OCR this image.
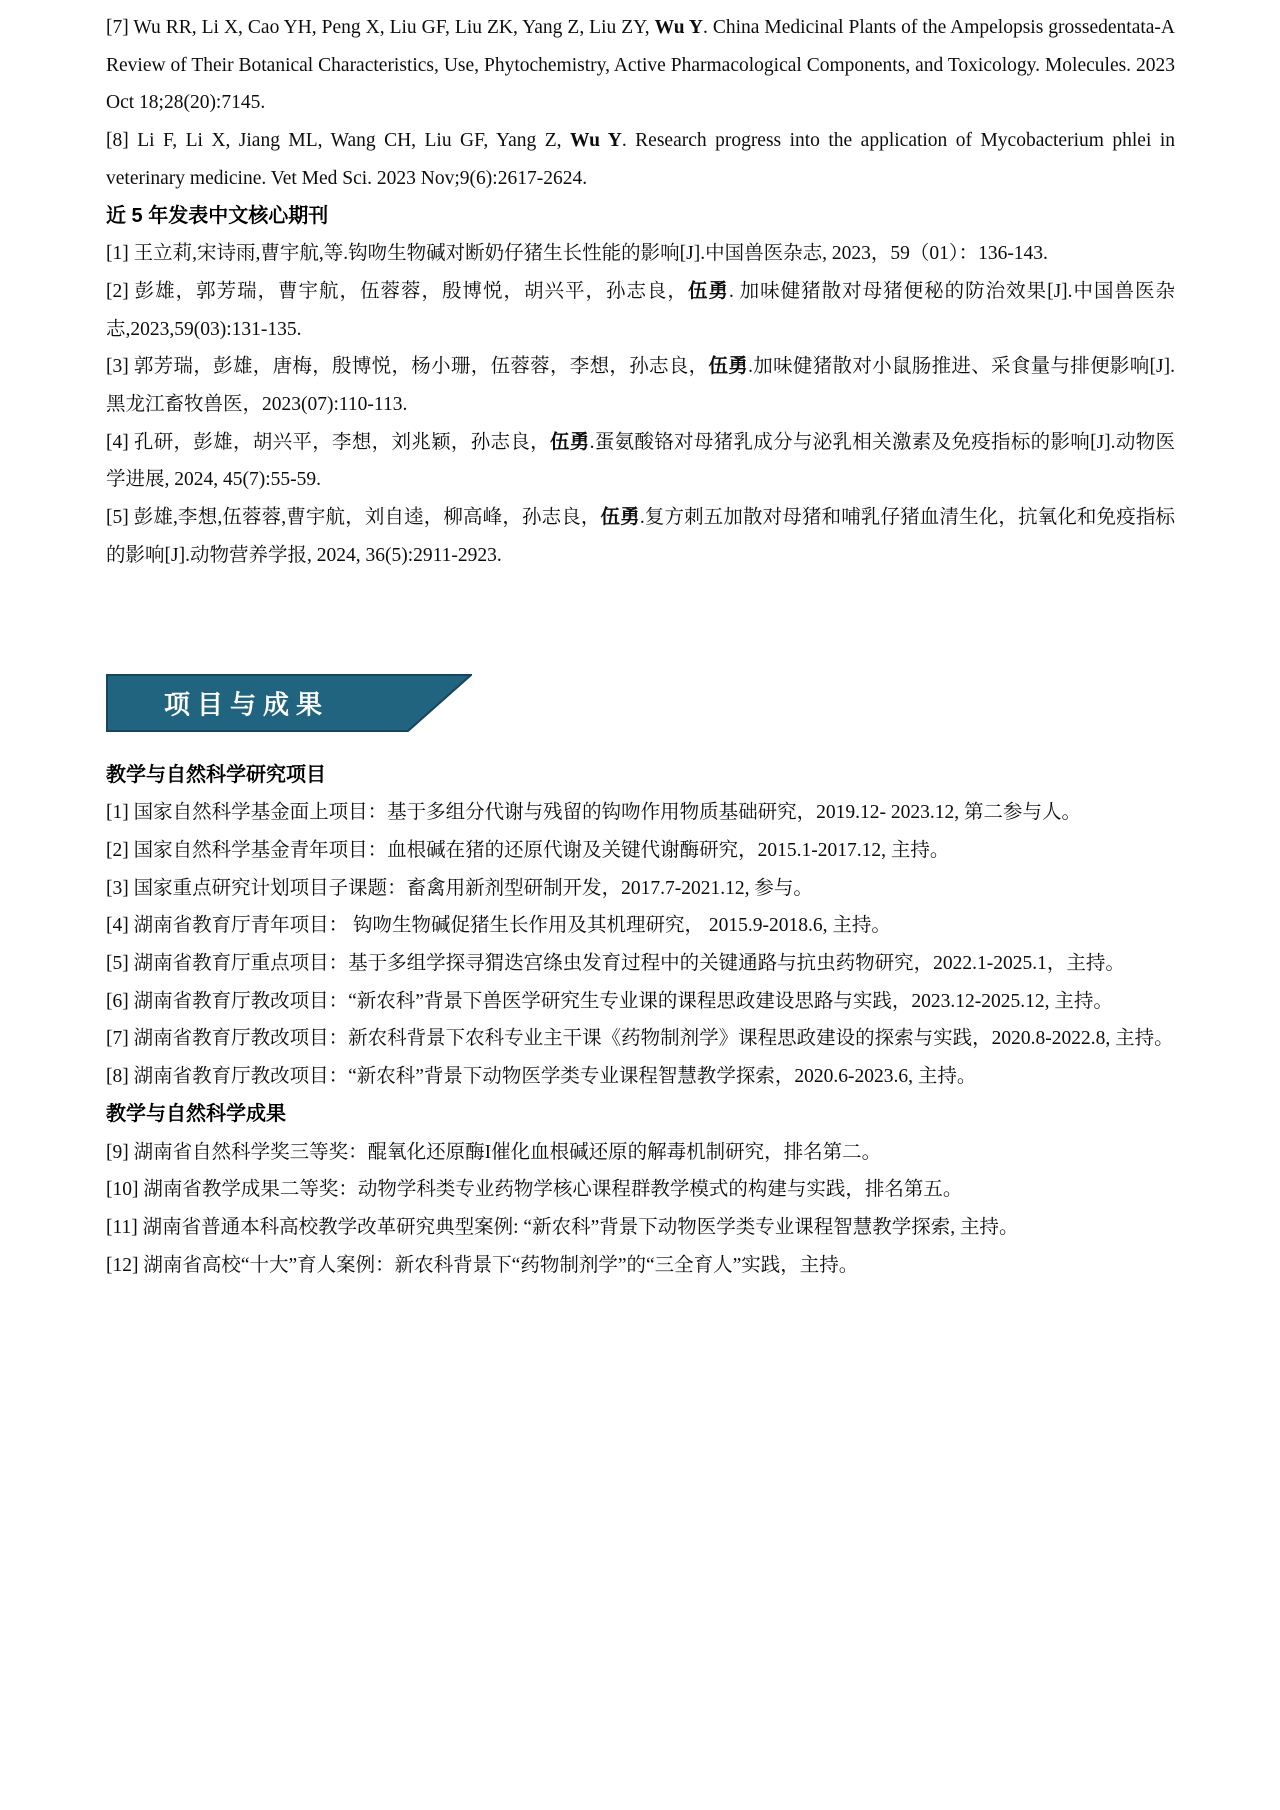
[7] Wu RR, Li X, Cao YH, Peng X, Liu GF, Liu ZK, Yang Z, Liu ZY, Wu Y. China Medicinal Plants of the Ampelopsis grossedentata-A Review of Their Botanical Characteristics, Use, Phytochemistry, Active Pharmacological Components, and Toxicology. Molecules. 2023 Oct 18;28(20):7145.

[8] Li F, Li X, Jiang ML, Wang CH, Liu GF, Yang Z, Wu Y. Research progress into the application of Mycobacterium phlei in veterinary medicine. Vet Med Sci. 2023 Nov;9(6):2617-2624.

近 5 年发表中文核心期刊

[1] 王立莉,宋诗雨,曹宇航,等.钩吻生物碱对断奶仔猪生长性能的影响[J].中国兽医杂志, 2023，59（01）：136-143.

[2] 彭雄，郭芳瑞，曹宇航，伍蓉蓉，殷博悦，胡兴平，孙志良，伍勇. 加味健猪散对母猪便秘的防治效果[J].中国兽医杂志,2023,59(03):131-135.

[3] 郭芳瑞，彭雄，唐梅，殷博悦，杨小珊，伍蓉蓉，李想，孙志良，伍勇.加味健猪散对小鼠肠推进、采食量与排便影响[J].黑龙江畜牧兽医，2023(07):110-113.

[4] 孔研，彭雄，胡兴平，李想，刘兆颖，孙志良，伍勇.蛋氨酸铬对母猪乳成分与泌乳相关激素及免疫指标的影响[J].动物医学进展, 2024, 45(7):55-59.

[5] 彭雄,李想,伍蓉蓉,曹宇航，刘自逵，柳高峰，孙志良，伍勇.复方刺五加散对母猪和哺乳仔猪血清生化，抗氧化和免疫指标的影响[J].动物营养学报, 2024, 36(5):2911-2923.

项目与成果
教学与自然科学研究项目

[1] 国家自然科学基金面上项目：基于多组分代谢与残留的钩吻作用物质基础研究，2019.12- 2023.12, 第二参与人。

[2] 国家自然科学基金青年项目：血根碱在猪的还原代谢及关键代谢酶研究，2015.1-2017.12, 主持。

[3] 国家重点研究计划项目子课题：畜禽用新剂型研制开发，2017.7-2021.12, 参与。

[4] 湖南省教育厅青年项目： 钩吻生物碱促猪生长作用及其机理研究， 2015.9-2018.6, 主持。

[5] 湖南省教育厅重点项目：基于多组学探寻猬迭宫绦虫发育过程中的关键通路与抗虫药物研究，2022.1-2025.1，主持。

[6] 湖南省教育厅教改项目：“新农科”背景下兽医学研究生专业课的课程思政建设思路与实践，2023.12-2025.12, 主持。

[7] 湖南省教育厅教改项目：新农科背景下农科专业主干课《药物制剂学》课程思政建设的探索与实践，2020.8-2022.8, 主持。

[8] 湖南省教育厅教改项目：“新农科”背景下动物医学类专业课程智慧教学探索，2020.6-2023.6, 主持。

教学与自然科学成果

[9] 湖南省自然科学奖三等奖：醌氧化还原酶I催化血根碱还原的解毒机制研究，排名第二。

[10] 湖南省教学成果二等奖：动物学科类专业药物学核心课程群教学模式的构建与实践，排名第五。

[11] 湖南省普通本科高校教学改革研究典型案例: “新农科”背景下动物医学类专业课程智慧教学探索, 主持。

[12] 湖南省高校“十大”育人案例：新农科背景下“药物制剂学”的“三全育人”实践，主持。
